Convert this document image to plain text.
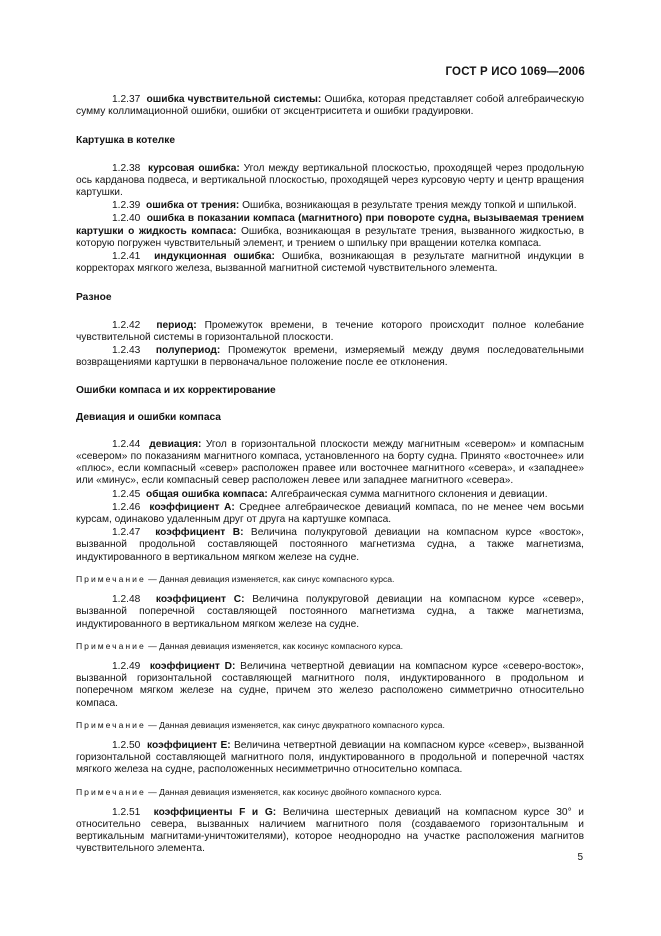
ГОСТ Р ИСО 1069—2006

1.2.37 ошибка чувствительной системы: Ошибка, которая представляет собой алгебраическую сумму коллимационной ошибки, ошибки от эксцентриситета и ошибки градуировки.

Картушка в котелке

1.2.38 курсовая ошибка: Угол между вертикальной плоскостью, проходящей через продольную ось карданова подвеса, и вертикальной плоскостью, проходящей через курсовую черту и центр вращения картушки.

1.2.39 ошибка от трения: Ошибка, возникающая в результате трения между топкой и шпилькой.

1.2.40 ошибка в показании компаса (магнитного) при повороте судна, вызываемая трением картушки о жидкость компаса: Ошибка, возникающая в результате трения, вызванного жидкостью, в которую погружен чувствительный элемент, и трением о шпильку при вращении котелка компаса.

1.2.41 индукционная ошибка: Ошибка, возникающая в результате магнитной индукции в корректорах мягкого железа, вызванной магнитной системой чувствительного элемента.

Разное

1.2.42 период: Промежуток времени, в течение которого происходит полное колебание чувствительной системы в горизонтальной плоскости.

1.2.43 полупериод: Промежуток времени, измеряемый между двумя последовательными возвращениями картушки в первоначальное положение после ее отклонения.

Ошибки компаса и их корректирование

Девиация и ошибки компаса

1.2.44 девиация: Угол в горизонтальной плоскости между магнитным «севером» и компасным «севером» по показаниям магнитного компаса, установленного на борту судна. Принято «восточнее» или «плюс», если компасный «север» расположен правее или восточнее магнитного «севера», и «западнее» или «минус», если компасный север расположен левее или западнее магнитного «севера».

1.2.45 общая ошибка компаса: Алгебраическая сумма магнитного склонения и девиации.

1.2.46 коэффициент A: Среднее алгебраическое девиаций компаса, по не менее чем восьми курсам, одинаково удаленным друг от друга на картушке компаса.

1.2.47 коэффициент B: Величина полукруговой девиации на компасном курсе «восток», вызванной продольной составляющей постоянного магнетизма судна, а также магнетизма, индуктированного в вертикальном мягком железе на судне.

Примечание — Данная девиация изменяется, как синус компасного курса.

1.2.48 коэффициент C: Величина полукруговой девиации на компасном курсе «север», вызванной поперечной составляющей постоянного магнетизма судна, а также магнетизма, индуктированного в вертикальном мягком железе на судне.

Примечание — Данная девиация изменяется, как косинус компасного курса.

1.2.49 коэффициент D: Величина четвертной девиации на компасном курсе «северо-восток», вызванной горизонтальной составляющей магнитного поля, индуктированного в продольном и поперечном мягком железе на судне, причем это железо расположено симметрично относительно компаса.

Примечание — Данная девиация изменяется, как синус двукратного компасного курса.

1.2.50 коэффициент E: Величина четвертной девиации на компасном курсе «север», вызванной горизонтальной составляющей магнитного поля, индуктированного в продольной и поперечной частях мягкого железа на судне, расположенных несимметрично относительно компаса.

Примечание — Данная девиация изменяется, как косинус двойного компасного курса.

1.2.51 коэффициенты F и G: Величина шестерных девиаций на компасном курсе 30° и относительно севера, вызванных наличием магнитного поля (создаваемого горизонтальным и вертикальным магнитами-уничтожителями), которое неоднородно на участке расположения магнитов чувствительного элемента.

5
